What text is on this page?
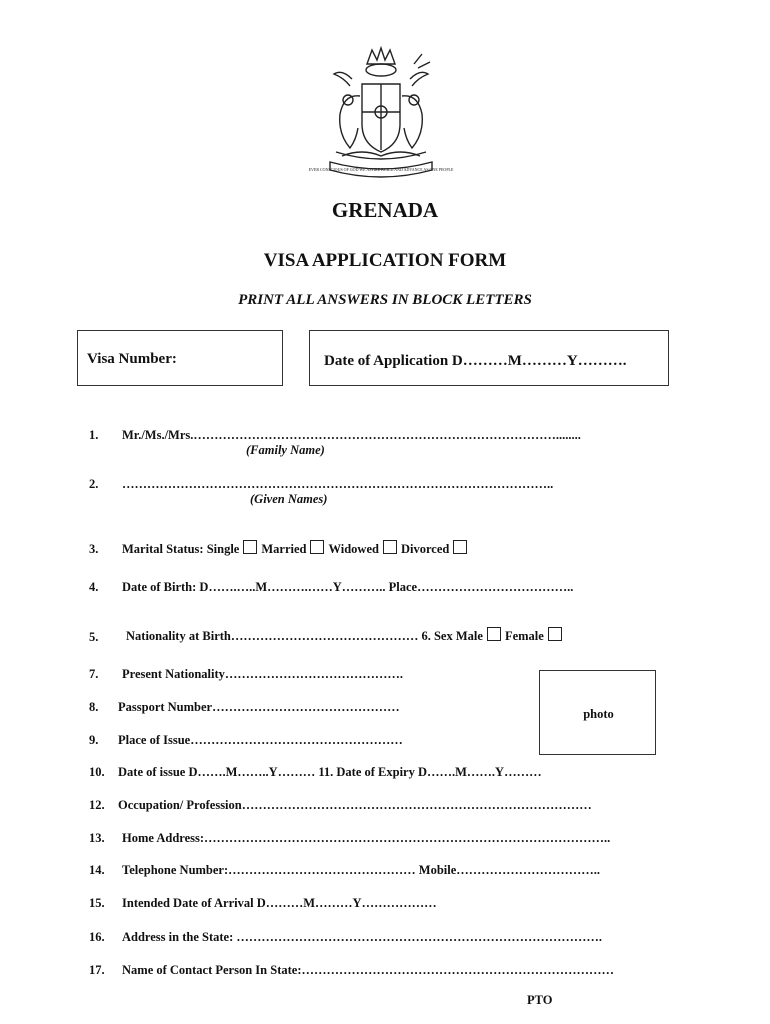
EVER CONSCIOUS OF GOD WE ASPIRE BUILD AND ADVANCE AS ONE PEOPLE
GRENADA
VISA APPLICATION FORM
PRINT ALL ANSWERS IN BLOCK LETTERS
Visa Number:	Date of Application D………M………Y……….
1. Mr./Ms./Mrs.……………………………………………………………………………........
(Family Name)
2. …………………………………………………………………………………………..
(Given Names)
3. Marital Status: Single Married Widowed Divorced
4. Date of Birth: D…….…..M……….……Y……….. Place………………………………..
5. Nationality at Birth……………………………………… 6. Sex Male Female
7. Present Nationality…………………………………….
8. Passport Number………………………………………	photo
9. Place of Issue……………………………………………
10. Date of issue D…….M……..Y……… 11. Date of Expiry D…….M…….Y………
12. Occupation/ Profession…………………………………………………………………………
13. Home Address:……………………………………………………………………………………..
14. Telephone Number:……………………………………… Mobile……………………………..
15. Intended Date of Arrival D………M………Y………………
16. Address in the State: …………………………………………………………………………….
17. Name of Contact Person In State:…………………………………………………………………
PTO
